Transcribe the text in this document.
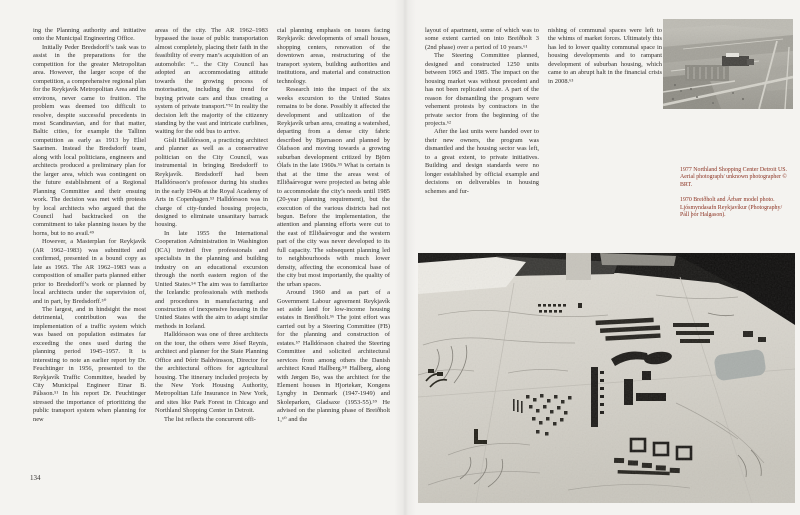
ing the Planning authority and initiative onto the Municipal Engineering Office.

Initially Peder Bredsdorff’s task was to assist in the preparations for the competition for the greater Metropolitan area. However, the larger scope of the competition, a comprehensive regional plan for the Reykjavík Metropolitan Area and its environs, never came to fruition. The problem was deemed too difficult to resolve, despite successful precedents in most Scandinavian, and for that matter, Baltic cities, for example the Tallinn competition as early as 1913 by Eliel Saarinen. Instead the Bredsdorff team, along with local politicians, engineers and architects produced a preliminary plan for the larger area, which was contingent on the future establishment of a Regional Planning Committee and their ensuing work. The decision was met with protests by local architects who argued that the Council had backtracked on the commitment to take planning issues by the horns, but to no avail.⁴⁹

However, a Masterplan for Reykjavík (AR 1962–1983) was submitted and confirmed, presented in a bound copy as late as 1965. The AR 1962–1983 was a composition of smaller parts planned either prior to Bredsdorff’s work or planned by local architects under the supervision of, and in part, by Bredsdorff.⁵⁰

The largest, and in hindsight the most detrimental, contribution was the implementation of a traffic system which was based on population estimates far exceeding the ones used during the planning period 1945–1957. It is interesting to note an earlier report by Dr. Feuchtinger in 1956, presented to the Reykjavík Traffic Committee, headed by City Municipal Engineer Einar B. Pálsson.⁵¹ In his report Dr. Feuchtinger stressed the importance of prioritizing the public transport system when planning for new

areas of the city. The AR 1962–1983 bypassed the issue of public transportation almost completely, placing their faith in the feasibility of every man’s acquisition of an automobile: “... the City Council has adopted an accommodating attitude towards the growing process of motorisation, including the trend for buying private cars and thus creating a system of private transport.”⁵² In reality the decision left the majority of the citizenry standing by the vast and intricate curblines, waiting for the odd bus to arrive.

Gísli Halldórsson, a practicing architect and planner as well as a conservative politician on the City Council, was instrumental in bringing Bredsdorff to Reykjavík. Bredsdorff had been Halldórsson’s professor during his studies in the early 1940s at the Royal Academy of Arts in Copenhagen.⁵³ Halldórsson was in charge of city-funded housing projects, designed to eliminate unsanitary barrack housing.

In late 1955 the International Cooperation Administration in Washington (ICA) invited five professionals and specialists in the planning and building industry on an educational excursion through the north eastern region of the United States.⁵⁴ The aim was to familiarize the Icelandic professionals with methods and procedures in manufacturing and construction of inexpensive housing in the United States with the aim to adapt similar methods in Iceland.

Halldórsson was one of three architects on the tour, the others were Jósef Reynis, architect and planner for the State Planning Office and Þórir Baldvinsson, Director for the architectural offices for agricultural housing. The itinerary included projects by the New York Housing Authority, Metropolitan Life Insurance in New York, and sites like Park Forest in Chicago and Northland Shopping Center in Detroit.

The list reflects the concurrent offi-

cial planning emphasis on issues facing Reykjavík: developments of small houses, shopping centers, renovation of the downtown areas, restructuring of the transport system, building authorities and institutions, and material and construction technology.

Research into the impact of the six weeks excursion to the United States remains to be done. Possibly it affected the development and utilization of the Reykjavík urban area, creating a watershed, departing from a dense city fabric described by Bjarnason and planned by Ólafsson and moving towards a growing suburban development critized by Björn Ólafs in the late 1960s.⁵⁵ What is certain is that at the time the areas west of Elliðaárvogur were projected as being able to accommodate the city’s needs until 1985 (20-year planning requirement), but the execution of the various districts had not begun. Before the implementation, the attention and planning efforts were cut to the east of Elliðaárvogur and the western part of the city was never developed to its full capacity. The subsequent planning led to neighbourhoods with much lower density, affecting the economical base of the city but most importantly, the quality of the urban spaces.

Around 1960 and as part of a Government Labour agreement Reykjavík set aside land for low-income housing estates in Breiðholt.⁵⁶ The joint effort was carried out by a Steering Committee (FB) for the planning and construction of estates.⁵⁷ Halldórsson chaired the Steering Committee and solicited architectural services from among others the Danish architect Knud Hallberg.⁵⁸ Hallberg, along with Jørgen Bo, was the architect for the Element houses in Hjortekær, Kongens Lyngby in Denmark (1947-1949) and Skoleparken, Gladsaxe (1953-55).⁵⁹ He advised on the planning phase of Breiðholt 1,⁶⁰ and the

134

layout of apartment, some of which was to some extent carried on into Breiðholt 3 (2nd phase) over a period of 10 years.⁶¹

The Steering Committee planned, designed and constructed 1250 units between 1965 and 1985. The impact on the housing market was without precedent and has not been replicated since. A part of the reason for dismantling the program were vehement protests by contractors in the private sector from the beginning of the projects.⁶²

After the last units were handed over to their new owners, the program was dismantled and the housing sector was left, to a great extent, to private initiatives. Building and design standards were no longer established by official example and decisions on deliverables in housing schemes and fur-

nishing of communal spaces were left to the whims of market forces. Ultimately this has led to lower quality communal space in housing developments and to rampant development of suburban housing, which came to an abrupt halt in the financial crisis in 2008.⁶³

1977 Northland Shopping Center Detroit US. Aerial photograph/ unknown photographer © BRT.

1970 Breiðholt and Árbær model photo. Ljósmyndasafn Reykjavíkur (Photography/ Páll þór Halgason).
